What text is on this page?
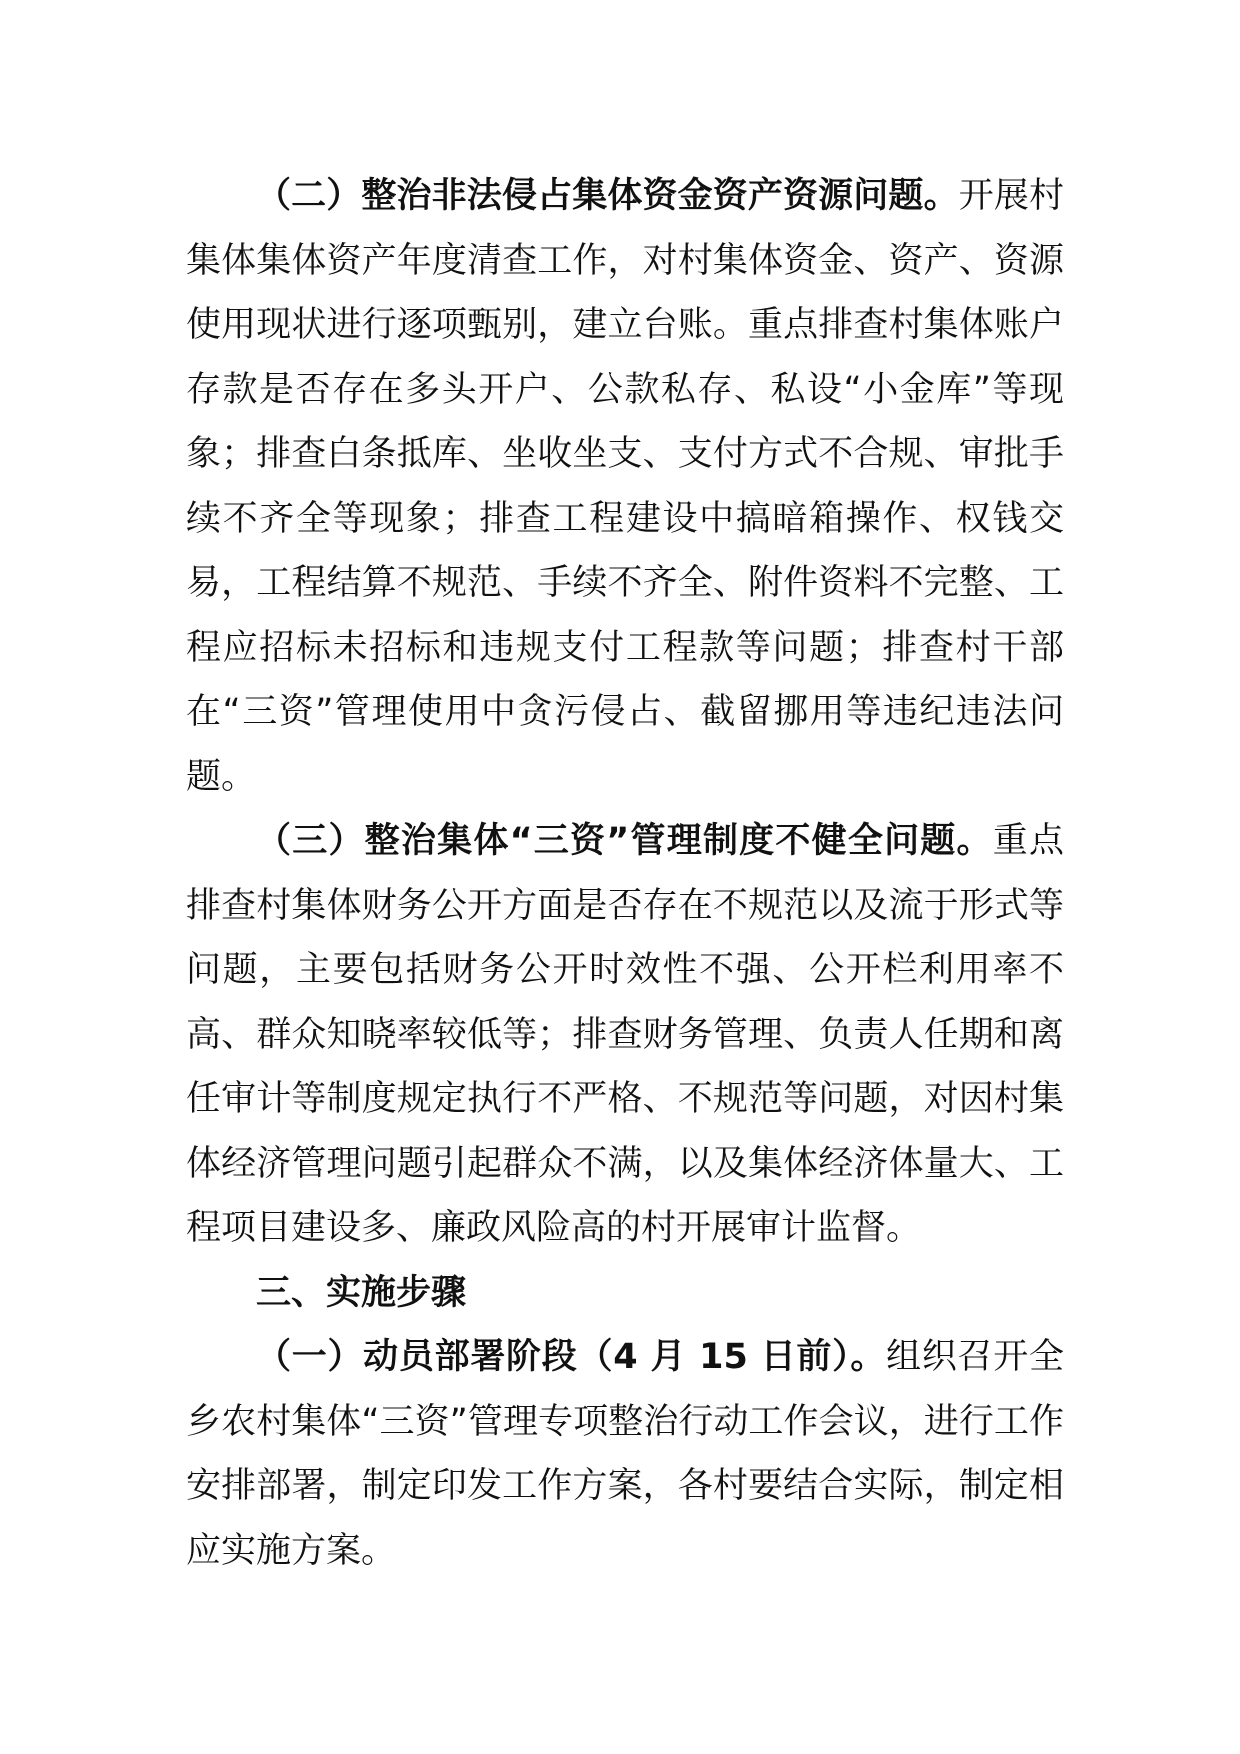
（二）整治非法侵占集体资金资产资源问题。开展村集体集体资产年度清查工作，对村集体资金、资产、资源使用现状进行逐项甄别，建立台账。重点排查村集体账户存款是否存在多头开户、公款私存、私设“小金库”等现象；排查白条抵库、坐收坐支、支付方式不合规、审批手续不齐全等现象；排查工程建设中搞暗箱操作、权钱交易，工程结算不规范、手续不齐全、附件资料不完整、工程应招标未招标和违规支付工程款等问题；排查村干部在“三资”管理使用中贪污侵占、截留挪用等违纪违法问题。

（三）整治集体“三资”管理制度不健全问题。重点排查村集体财务公开方面是否存在不规范以及流于形式等问题，主要包括财务公开时效性不强、公开栏利用率不高、群众知晓率较低等；排查财务管理、负责人任期和离任审计等制度规定执行不严格、不规范等问题，对因村集体经济管理问题引起群众不满，以及集体经济体量大、工程项目建设多、廉政风险高的村开展审计监督。

三、实施步骤

（一）动员部署阶段（4 月 15 日前）。组织召开全乡农村集体“三资”管理专项整治行动工作会议，进行工作安排部署，制定印发工作方案，各村要结合实际，制定相应实施方案。
